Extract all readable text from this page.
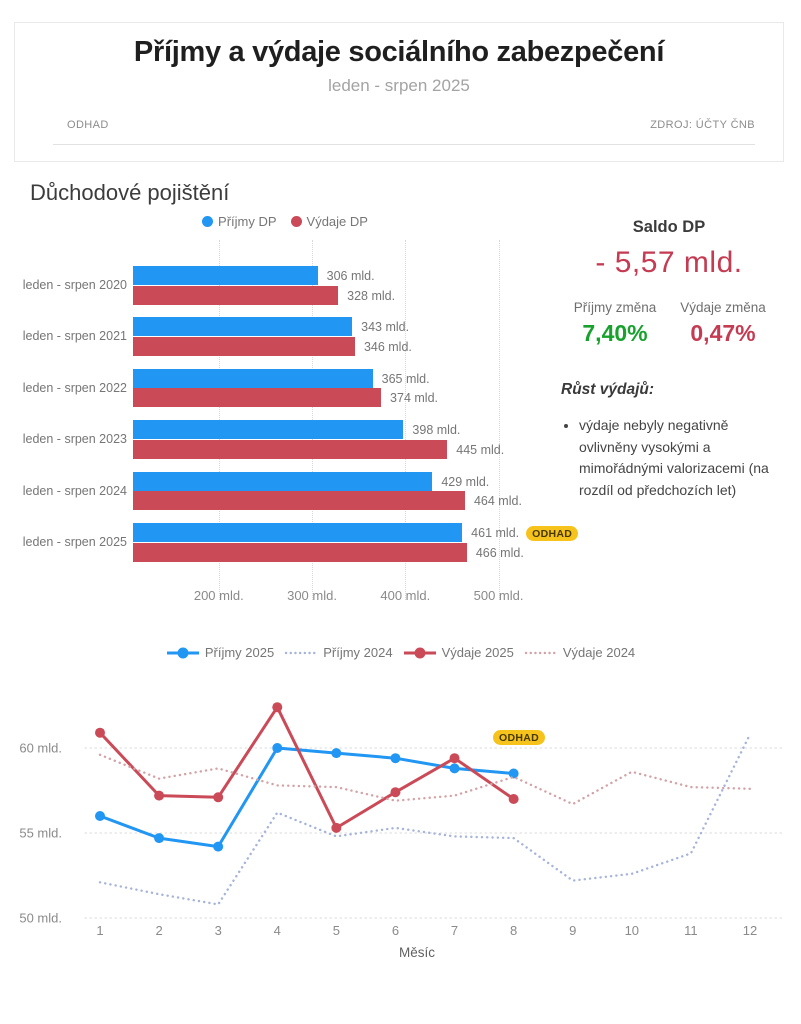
Příjmy a výdaje sociálního zabezpečení
leden - srpen 2025
ODHAD	ZDROJ: ÚČTY ČNB
Důchodové pojištění
Příjmy DP	Výdaje DP
200 mld.	300 mld.	400 mld.	500 mld.
leden - srpen 2020
306 mld.
328 mld.
leden - srpen 2021
343 mld.
346 mld.
leden - srpen 2022
365 mld.
374 mld.
leden - srpen 2023
398 mld.
445 mld.
leden - srpen 2024
429 mld.
464 mld.
leden - srpen 2025
461 mld. ODHAD
466 mld.
Saldo DP
- 5,57 mld.
Příjmy změna
7,40%
Výdaje změna
0,47%
Růst výdajů:
• výdaje nebyly negativně ovlivněny vysokými a mimořádnými valorizacemi (na rozdíl od předchozích let)
Příjmy 2025	Příjmy 2024	Výdaje 2025	Výdaje 2024
60 mld.
55 mld.
50 mld.
1	2	3	4	5	6	7	8	9	10	11	12
Měsíc
ODHAD
